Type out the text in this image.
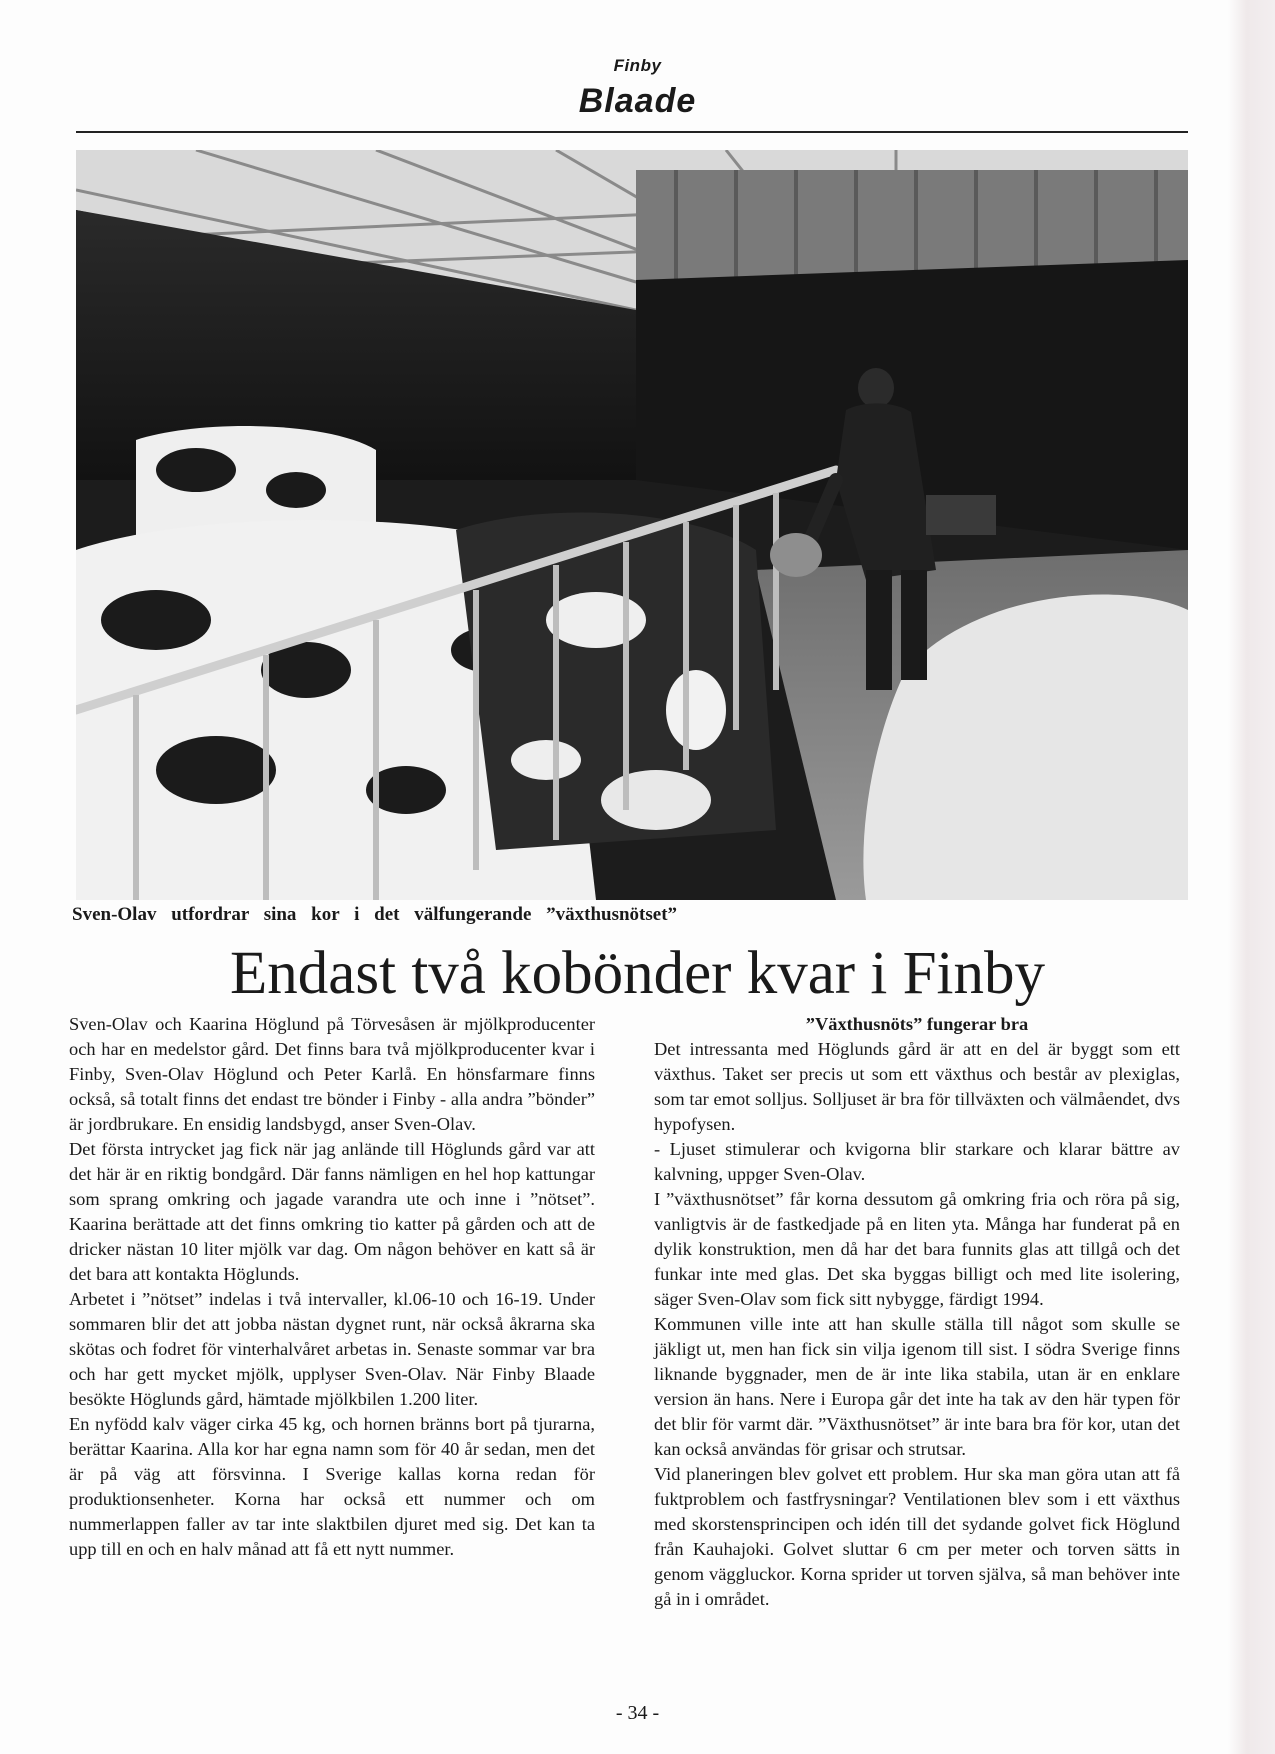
Finby
Blaade
Sven-Olav utfordrar sina kor i det välfungerande ”växthusnötset”
Endast två kobönder kvar i Finby

Sven-Olav och Kaarina Höglund på Törvesåsen är mjölkproducenter och har en medelstor gård. Det finns bara två mjölkproducenter kvar i Finby, Sven-Olav Höglund och Peter Karlå. En hönsfarmare finns också, så totalt finns det endast tre bönder i Finby - alla andra ”bönder” är jordbrukare. En ensidig landsbygd, anser Sven-Olav.

Det första intrycket jag fick när jag anlände till Höglunds gård var att det här är en riktig bondgård. Där fanns nämligen en hel hop kattungar som sprang omkring och jagade varandra ute och inne i ”nötset”. Kaarina berättade att det finns omkring tio katter på gården och att de dricker nästan 10 liter mjölk var dag. Om någon behöver en katt så är det bara att kontakta Höglunds.

Arbetet i ”nötset” indelas i två intervaller, kl.06-10 och 16-19. Under sommaren blir det att jobba nästan dygnet runt, när också åkrarna ska skötas och fodret för vinterhalvåret arbetas in. Senaste sommar var bra och har gett mycket mjölk, upplyser Sven-Olav. När Finby Blaade besökte Höglunds gård, hämtade mjölkbilen 1.200 liter.

En nyfödd kalv väger cirka 45 kg, och hornen bränns bort på tjurarna, berättar Kaarina. Alla kor har egna namn som för 40 år sedan, men det är på väg att försvinna. I Sverige kallas korna redan för produktionsenheter. Korna har också ett nummer och om nummerlappen faller av tar inte slaktbilen djuret med sig. Det kan ta upp till en och en halv månad att få ett nytt nummer.

”Växthusnöts” fungerar bra

Det intressanta med Höglunds gård är att en del är byggt som ett växthus. Taket ser precis ut som ett växthus och består av plexiglas, som tar emot solljus. Solljuset är bra för tillväxten och välmåendet, dvs hypofysen.

- Ljuset stimulerar och kvigorna blir starkare och klarar bättre av kalvning, uppger Sven-Olav.

I ”växthusnötset” får korna dessutom gå omkring fria och röra på sig, vanligtvis är de fastkedjade på en liten yta. Många har funderat på en dylik konstruktion, men då har det bara funnits glas att tillgå och det funkar inte med glas. Det ska byggas billigt och med lite isolering, säger Sven-Olav som fick sitt nybygge, färdigt 1994.

Kommunen ville inte att han skulle ställa till något som skulle se jäkligt ut, men han fick sin vilja igenom till sist. I södra Sverige finns liknande byggnader, men de är inte lika stabila, utan är en enklare version än hans. Nere i Europa går det inte ha tak av den här typen för det blir för varmt där. ”Växthusnötset” är inte bara bra för kor, utan det kan också användas för grisar och strutsar.

Vid planeringen blev golvet ett problem. Hur ska man göra utan att få fuktproblem och fastfrysningar? Ventilationen blev som i ett växthus med skorstensprincipen och idén till det sydande golvet fick Höglund från Kauhajoki. Golvet sluttar 6 cm per meter och torven sätts in genom väggluckor. Korna sprider ut torven själva, så man behöver inte gå in i området.

- 34 -
